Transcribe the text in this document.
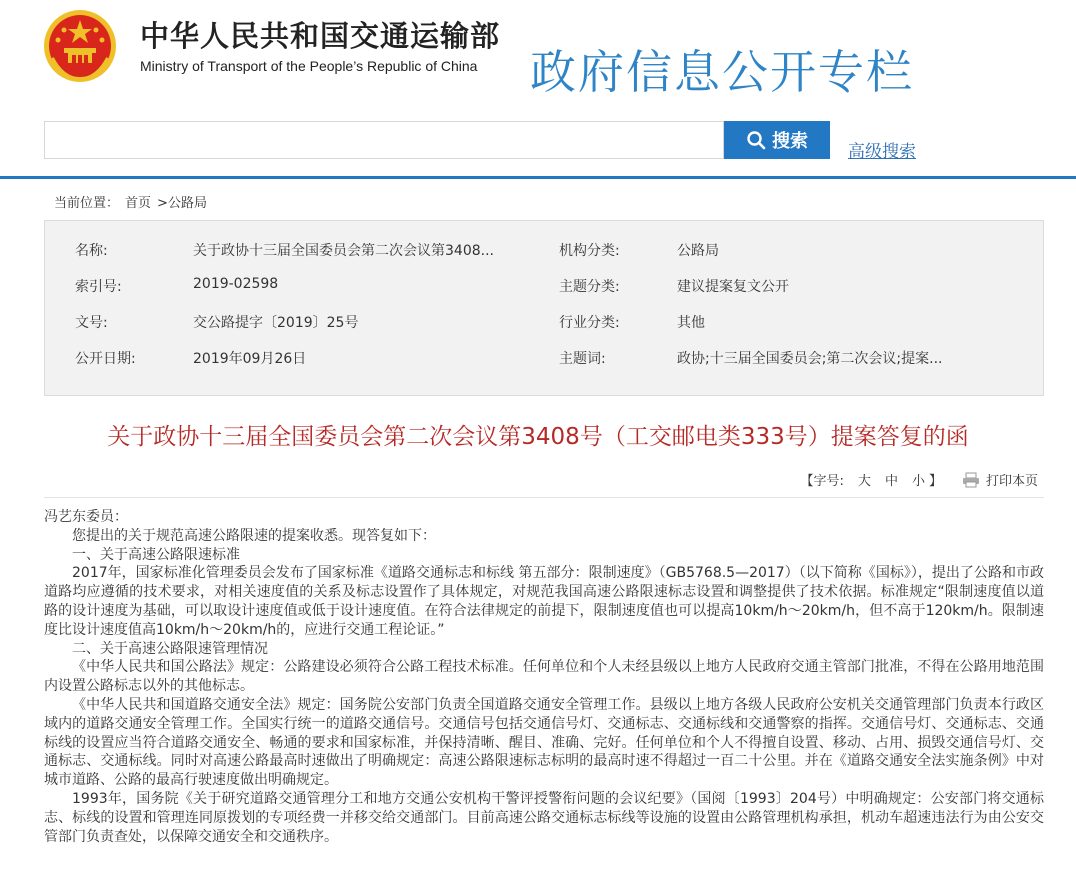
中华人民共和国交通运输部
Ministry of Transport of the People’s Republic of China 政府信息公开专栏
搜索
高级搜索
当前位置： 首页 >公路局
名称:	关于政协十三届全国委员会第二次会议第3408...	机构分类:	公路局
索引号:	2019-02598	主题分类:	建议提案复文公开
文号:	交公路提字〔2019〕25号	行业分类:	其他
公开日期:	2019年09月26日	主题词:	政协;十三届全国委员会;第二次会议;提案...
关于政协十三届全国委员会第二次会议第3408号（工交邮电类333号）提案答复的函
【字号: 大 中 小 】	打印本页

冯艺东委员：

您提出的关于规范高速公路限速的提案收悉。现答复如下：

一、关于高速公路限速标准

2017年，国家标准化管理委员会发布了国家标准《道路交通标志和标线 第五部分：限制速度》（GB5768.5—2017）（以下简称《国标》），提出了公路和市政道路均应遵循的技术要求，对相关速度值的关系及标志设置作了具体规定，对规范我国高速公路限速标志设置和调整提供了技术依据。标准规定“限制速度值以道路的设计速度为基础，可以取设计速度值或低于设计速度值。在符合法律规定的前提下，限制速度值也可以提高10km/h～20km/h，但不高于120km/h。限制速度比设计速度值高10km/h～20km/h的，应进行交通工程论证。”

二、关于高速公路限速管理情况

《中华人民共和国公路法》规定：公路建设必须符合公路工程技术标准。任何单位和个人未经县级以上地方人民政府交通主管部门批准，不得在公路用地范围内设置公路标志以外的其他标志。

《中华人民共和国道路交通安全法》规定：国务院公安部门负责全国道路交通安全管理工作。县级以上地方各级人民政府公安机关交通管理部门负责本行政区域内的道路交通安全管理工作。全国实行统一的道路交通信号。交通信号包括交通信号灯、交通标志、交通标线和交通警察的指挥。交通信号灯、交通标志、交通标线的设置应当符合道路交通安全、畅通的要求和国家标准，并保持清晰、醒目、准确、完好。任何单位和个人不得擅自设置、移动、占用、损毁交通信号灯、交通标志、交通标线。同时对高速公路最高时速做出了明确规定：高速公路限速标志标明的最高时速不得超过一百二十公里。并在《道路交通安全法实施条例》中对城市道路、公路的最高行驶速度做出明确规定。

1993年，国务院《关于研究道路交通管理分工和地方交通公安机构干警评授警衔问题的会议纪要》（国阅〔1993〕204号）中明确规定：公安部门将交通标志、标线的设置和管理连同原拨划的专项经费一并移交给交通部门。目前高速公路交通标志标线等设施的设置由公路管理机构承担，机动车超速违法行为由公安交管部门负责查处，以保障交通安全和交通秩序。
